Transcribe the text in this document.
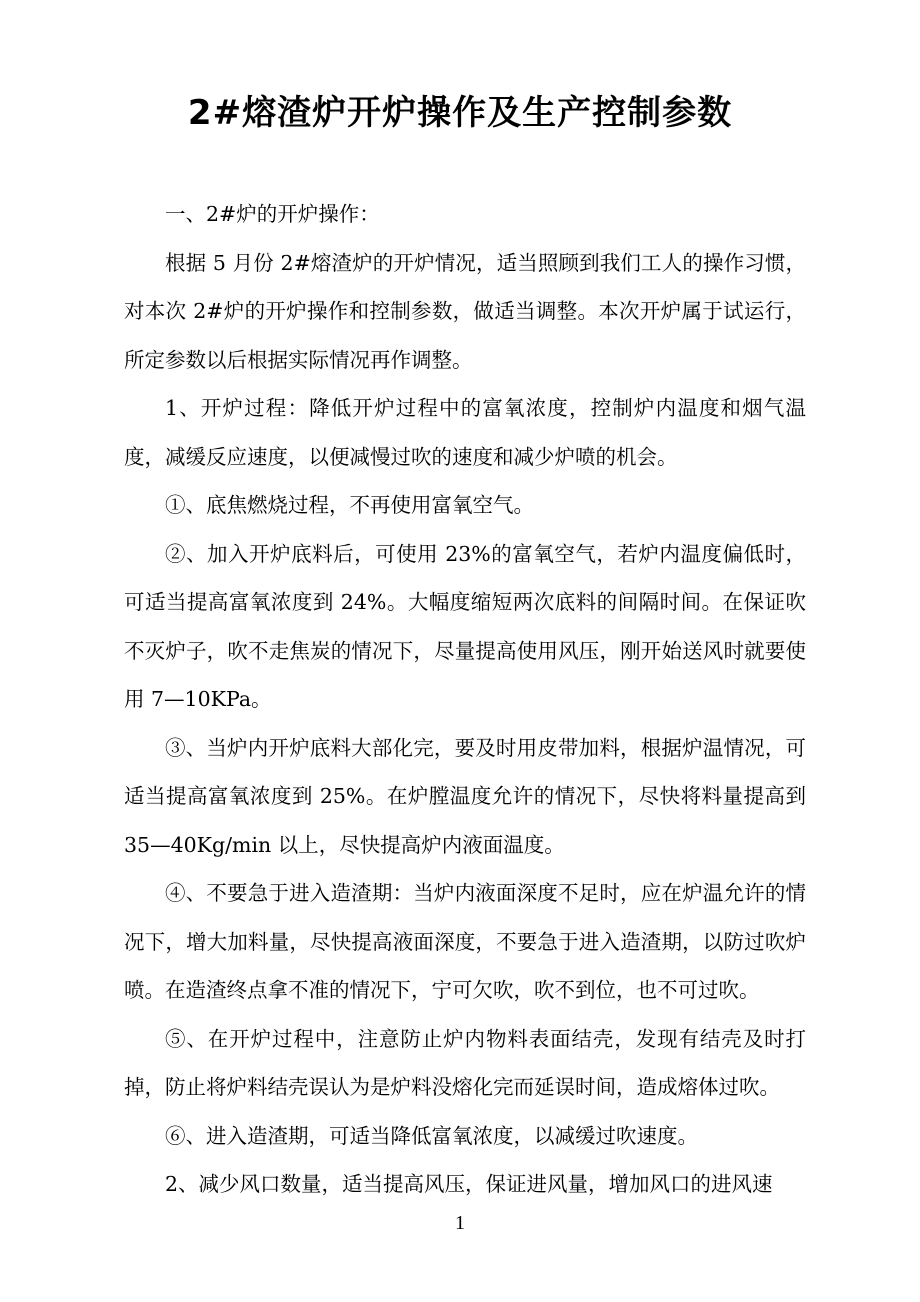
2#熔渣炉开炉操作及生产控制参数

一、2#炉的开炉操作：

根据 5 月份 2#熔渣炉的开炉情况，适当照顾到我们工人的操作习惯，对本次 2#炉的开炉操作和控制参数，做适当调整。本次开炉属于试运行，所定参数以后根据实际情况再作调整。

1、开炉过程：降低开炉过程中的富氧浓度，控制炉内温度和烟气温度，减缓反应速度，以便减慢过吹的速度和减少炉喷的机会。

①、底焦燃烧过程，不再使用富氧空气。

②、加入开炉底料后，可使用 23%的富氧空气，若炉内温度偏低时，可适当提高富氧浓度到 24%。大幅度缩短两次底料的间隔时间。在保证吹不灭炉子，吹不走焦炭的情况下，尽量提高使用风压，刚开始送风时就要使用 7—10KPa。

③、当炉内开炉底料大部化完，要及时用皮带加料，根据炉温情况，可适当提高富氧浓度到 25%。在炉膛温度允许的情况下，尽快将料量提高到 35—40Kg/min 以上，尽快提高炉内液面温度。

④、不要急于进入造渣期：当炉内液面深度不足时，应在炉温允许的情况下，增大加料量，尽快提高液面深度，不要急于进入造渣期，以防过吹炉喷。在造渣终点拿不准的情况下，宁可欠吹，吹不到位，也不可过吹。

⑤、在开炉过程中，注意防止炉内物料表面结壳，发现有结壳及时打掉，防止将炉料结壳误认为是炉料没熔化完而延误时间，造成熔体过吹。

⑥、进入造渣期，可适当降低富氧浓度，以减缓过吹速度。

2、减少风口数量，适当提高风压，保证进风量，增加风口的进风速

1
